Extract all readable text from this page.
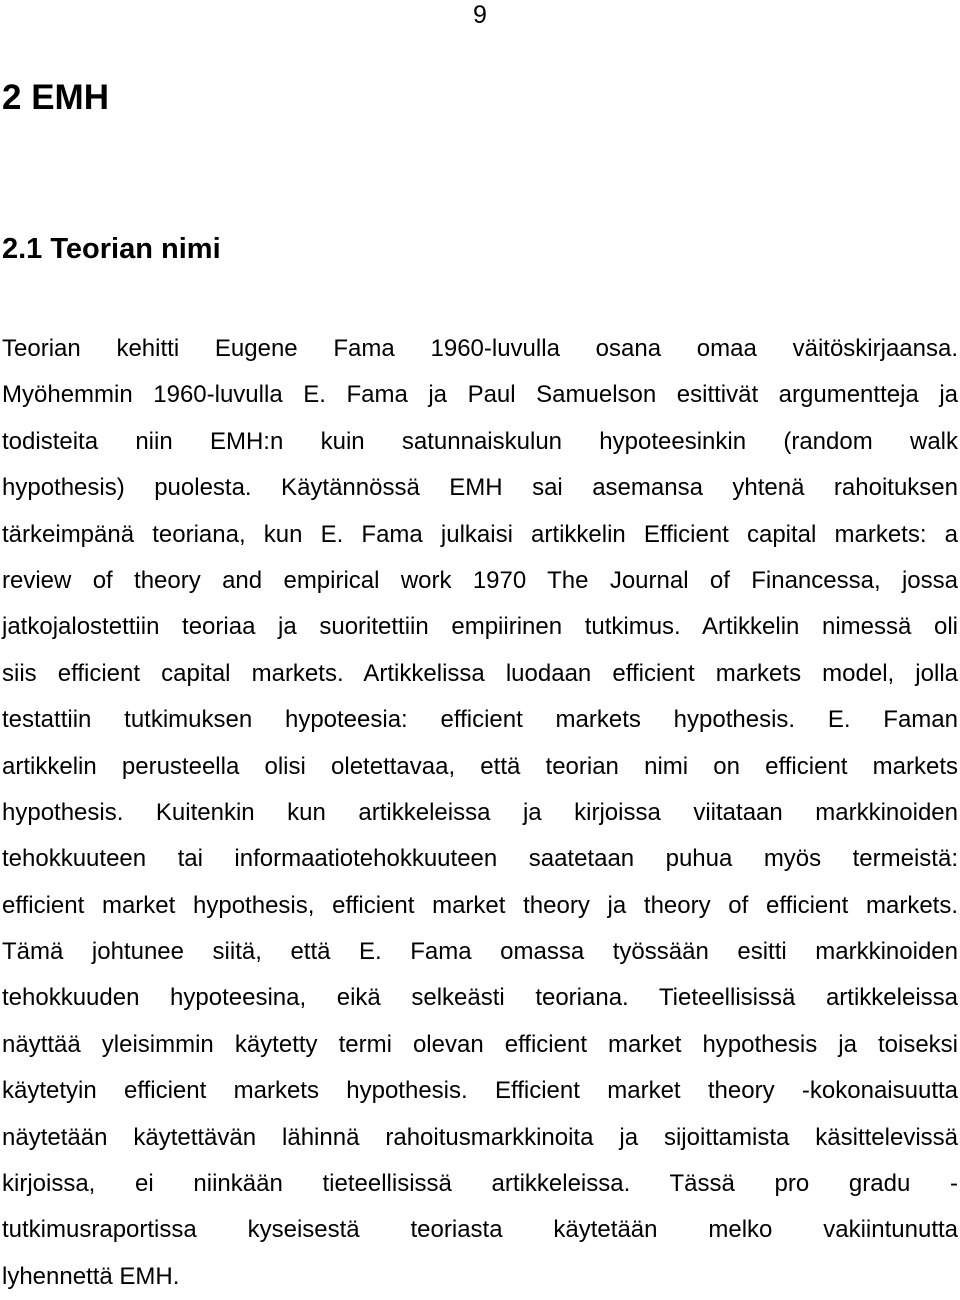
9
2 EMH
2.1 Teorian nimi
Teorian kehitti Eugene Fama 1960-luvulla osana omaa väitöskirjaansa.
Myöhemmin 1960-luvulla E. Fama ja Paul Samuelson esittivät argumentteja ja
todisteita niin EMH:n kuin satunnaiskulun hypoteesinkin (random walk
hypothesis) puolesta. Käytännössä EMH sai asemansa yhtenä rahoituksen
tärkeimpänä teoriana, kun E. Fama julkaisi artikkelin Efficient capital markets: a
review of theory and empirical work 1970 The Journal of Financessa, jossa
jatkojalostettiin teoriaa ja suoritettiin empiirinen tutkimus. Artikkelin nimessä oli
siis efficient capital markets. Artikkelissa luodaan efficient markets model, jolla
testattiin tutkimuksen hypoteesia: efficient markets hypothesis. E. Faman
artikkelin perusteella olisi oletettavaa, että teorian nimi on efficient markets
hypothesis. Kuitenkin kun artikkeleissa ja kirjoissa viitataan markkinoiden
tehokkuuteen tai informaatiotehokkuuteen saatetaan puhua myös termeistä:
efficient market hypothesis, efficient market theory ja theory of efficient markets.
Tämä johtunee siitä, että E. Fama omassa työssään esitti markkinoiden
tehokkuuden hypoteesina, eikä selkeästi teoriana. Tieteellisissä artikkeleissa
näyttää yleisimmin käytetty termi olevan efficient market hypothesis ja toiseksi
käytetyin efficient markets hypothesis. Efficient market theory -kokonaisuutta
näytetään käytettävän lähinnä rahoitusmarkkinoita ja sijoittamista käsittelevissä
kirjoissa, ei niinkään tieteellisissä artikkeleissa. Tässä pro gradu -
tutkimusraportissa kyseisestä teoriasta käytetään melko vakiintunutta
lyhennettä EMH.
